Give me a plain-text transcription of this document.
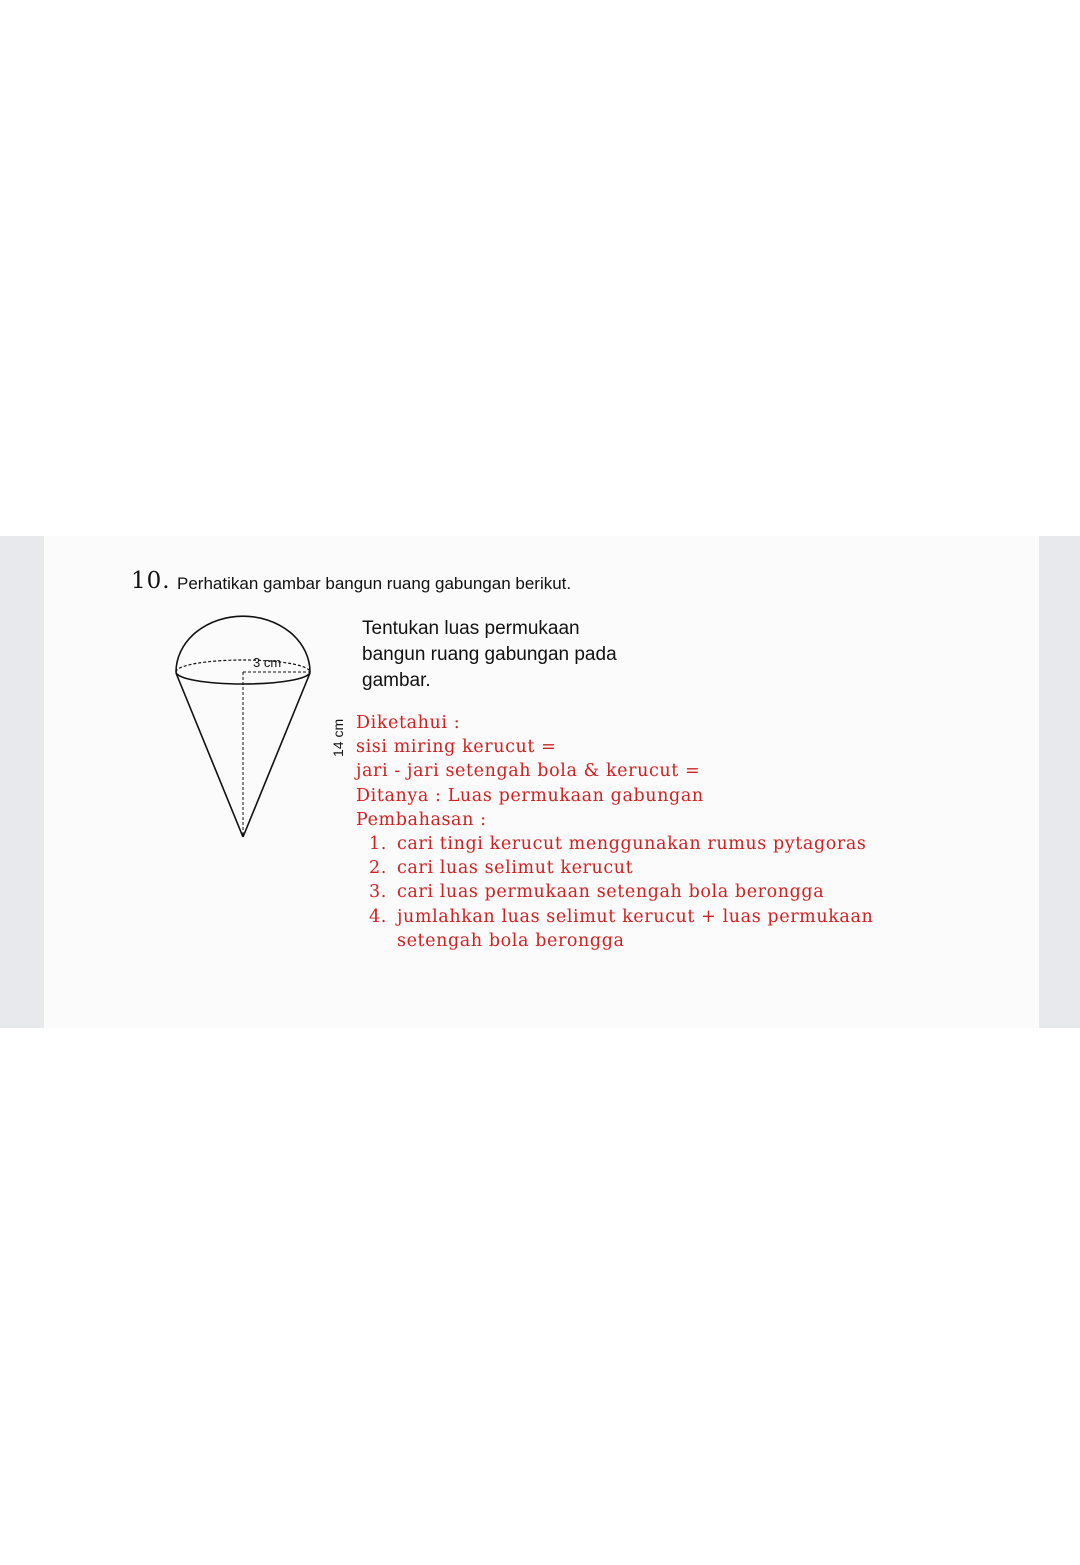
10. Perhatikan gambar bangun ruang gabungan berikut.
Tentukan luas permukaan bangun ruang gabungan pada gambar.
3 cm
14 cm Diketahui :
sisi miring kerucut =
jari - jari setengah bola & kerucut =
Ditanya : Luas permukaan gabungan
Pembahasan :
1. cari tingi kerucut menggunakan rumus pytagoras
2. cari luas selimut kerucut
3. cari luas permukaan setengah bola berongga
4. jumlahkan luas selimut kerucut + luas permukaan
setengah bola berongga
